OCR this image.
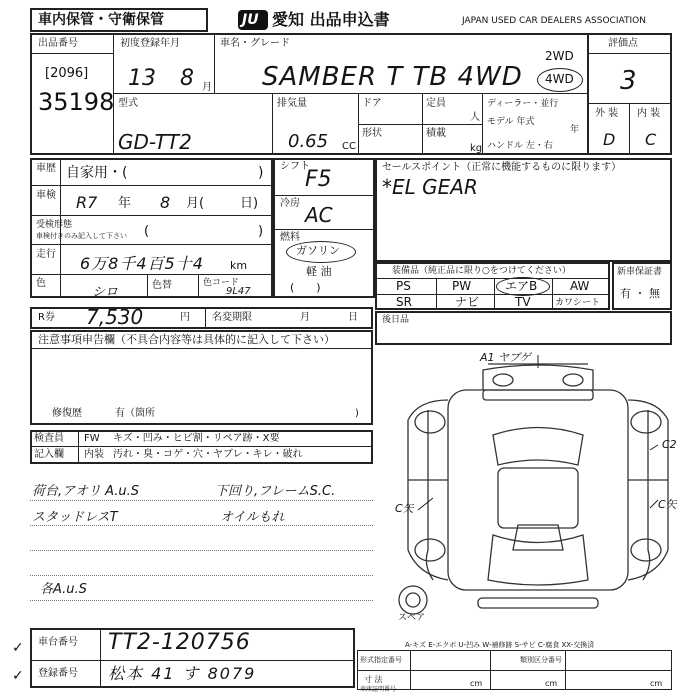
車内保管・守衛保管	JU 愛知 出品申込書	JAPAN USED CAR DEALERS ASSOCIATION
出品番号
[2096]
35198
初度登録年月
13 8 月
車名・グレード
SAMBER T TB 4WD
2WD
4WD
評価点
3
型式
GD-TT2
排気量
0.65 CC
ドア	定員
人
形状	積載
kg
ディーラー・並行
モデル 年式
年
ハンドル 左・右
外 装 内 装
D C
車歴 自家用・(	)
車検 R7 年 8 月(	日)
受検形態
車検付きのみ記入して下さい (	)
走行 6万8千4百5十4 km
色
シロ	色替	色コード
9L47
シフト
F5
冷房 AC
燃料
ガソリン
軽 油
(　　)
セールスポイント（正常に機能するものに限ります）
*EL GEAR
装備品（純正品に限り○をつけてください）
PS	PW	エアB	AW
SR	ナビ	TV	カワシート
新車保証書
有 ・ 無
R券 7,530	円 名変期限	月	日
注意事項申告欄（不具合内容等は具体的に記入して下さい）
修復歴	有（箇所	)
後日品
検査員
記入欄
FW キズ・凹み・ヒビ割・リペア跡・X要
内装 汚れ・臭・コゲ・穴・ヤブレ・キレ・破れ
荷台,アオリ A.u.S	下回り,フレームS.C.
スタッドレスT	オイルもれ
各A.u.S
A1 ヤブゲ
C矢
C2
C矢
スペア
A-キズ E-エクボ U-凹み W-補修跡 S-サビ C-腐食 XX-交換済
車台番号 TT2-120756
登録番号 松本 41 す 8079
✓
✓
形式指定番号	類別区分番号
寸 法
車庫証明番号
cm	cm	cm
